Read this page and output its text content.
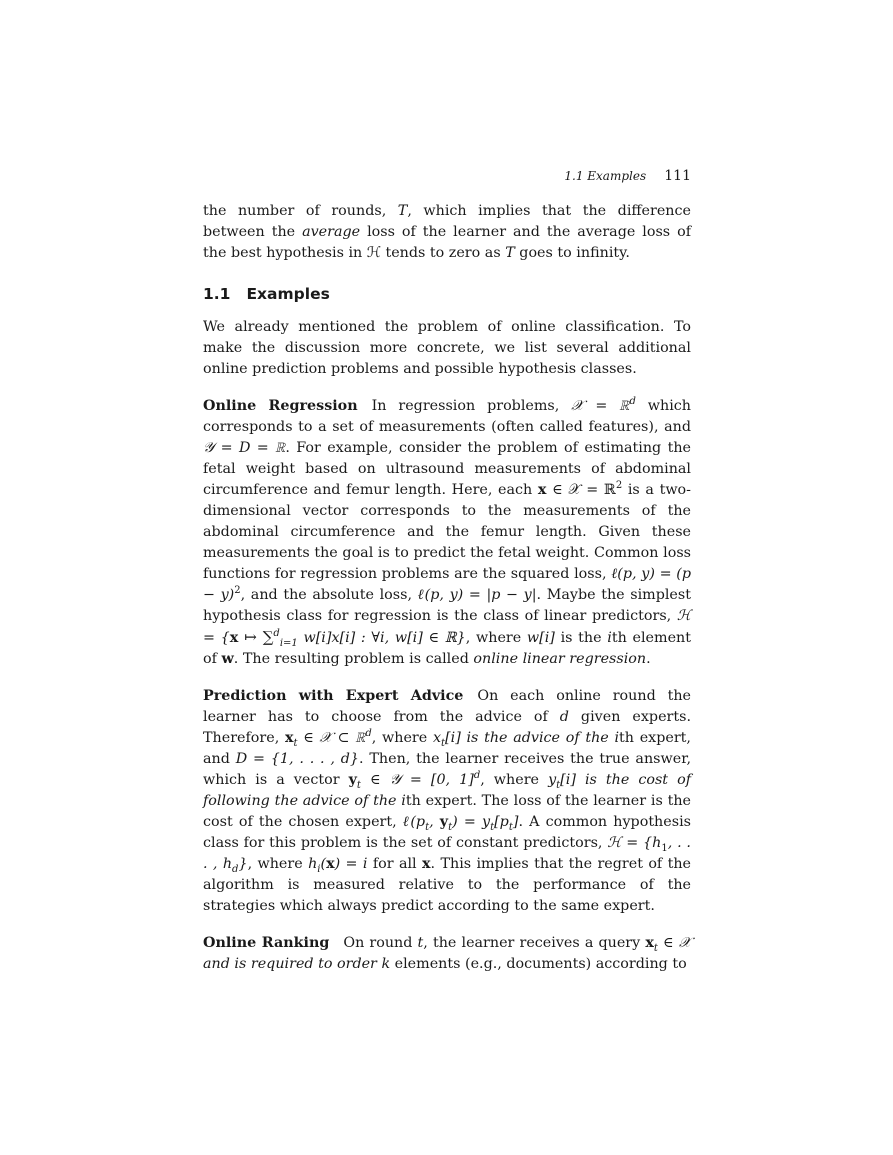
1.1 Examples 111

the number of rounds, T, which implies that the difference between the average loss of the learner and the average loss of the best hypothesis in ℋ tends to zero as T goes to infinity.

1.1 Examples

We already mentioned the problem of online classification. To make the discussion more concrete, we list several additional online prediction problems and possible hypothesis classes.

Online Regression In regression problems, 𝒳 = ℝ$^d$ which corresponds to a set of measurements (often called features), and 𝒴 = D = ℝ. For example, consider the problem of estimating the fetal weight based on ultrasound measurements of abdominal circumference and femur length. Here, each x ∈ 𝒳 = ℝ$^2$ is a two-dimensional vector corresponds to the measurements of the abdominal circumference and the femur length. Given these measurements the goal is to predict the fetal weight. Common loss functions for regression problems are the squared loss, ℓ(p, $y) = (p - y)^2$, and the absolute loss, ℓ(p, y) = |p − y|. Maybe the simplest hypothesis class for regression is the class of linear predictors, ℋ = {x ↦ ∑$^d_{i=1}$ w[i]x[i] : ∀i, w[i] ∈ ℝ}, where w[i] is the ith element of w. The resulting problem is called online linear regression.

Prediction with Expert Advice On each online round the learner has to choose from the advice of d given experts. Therefore, $x_t$ ∈ 𝒳 ⊂ ℝ$^d$, where $x_t[i]$ is the advice of the ith expert, and D = {1, . . . , d}. Then, the learner receives the true answer, which is a vector $y_t$ ∈ 𝒴 = [0, 1]$^d$, where $y_t[i]$ is the cost of following the advice of the ith expert. The loss of the learner is the cost of the chosen expert, $\ell(p_t$, $y_t) = y_t[p_t]$. A common hypothesis class for this problem is the set of constant predictors, ℋ = {$h_1$, . . . , $h_d$}, where $h_i(x) = i$ for all x. This implies that the regret of the algorithm is measured relative to the performance of the strategies which always predict according to the same expert.

Online Ranking On round t, the learner receives a query $x_t$ ∈ 𝒳 and is required to order k elements (e.g., documents) according to
